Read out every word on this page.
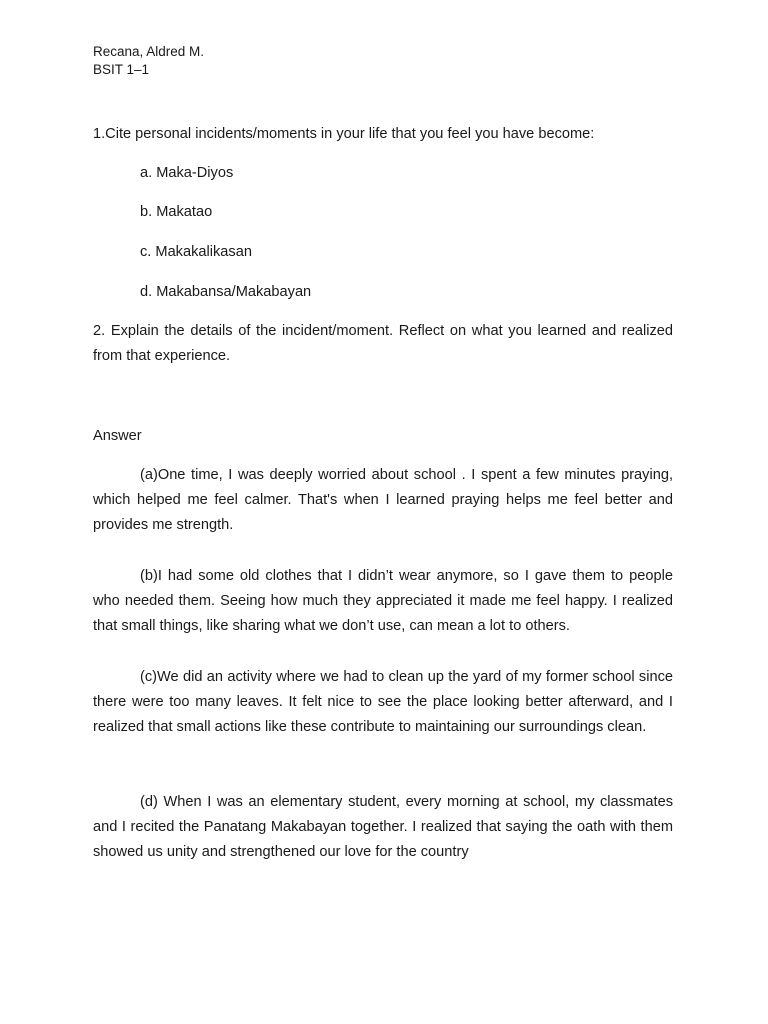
Recana, Aldred M.
BSIT 1–1
1.Cite personal incidents/moments in your life that you feel you have become:
a. Maka-Diyos
b. Makatao
c. Makakalikasan
d. Makabansa/Makabayan

2. Explain the details of the incident/moment. Reflect on what you learned and realized from that experience.

Answer

(a)One time, I was deeply worried about school . I spent a few minutes praying, which helped me feel calmer. That's when I learned praying helps me feel better and provides me strength.

(b)I had some old clothes that I didn’t wear anymore, so I gave them to people who needed them. Seeing how much they appreciated it made me feel happy. I realized that small things, like sharing what we don’t use, can mean a lot to others.

(c)We did an activity where we had to clean up the yard of my former school since there were too many leaves. It felt nice to see the place looking better afterward, and I realized that small actions like these contribute to maintaining our surroundings clean.

(d) When I was an elementary student, every morning at school, my classmates and I recited the Panatang Makabayan together. I realized that saying the oath with them showed us unity and strengthened our love for the country
